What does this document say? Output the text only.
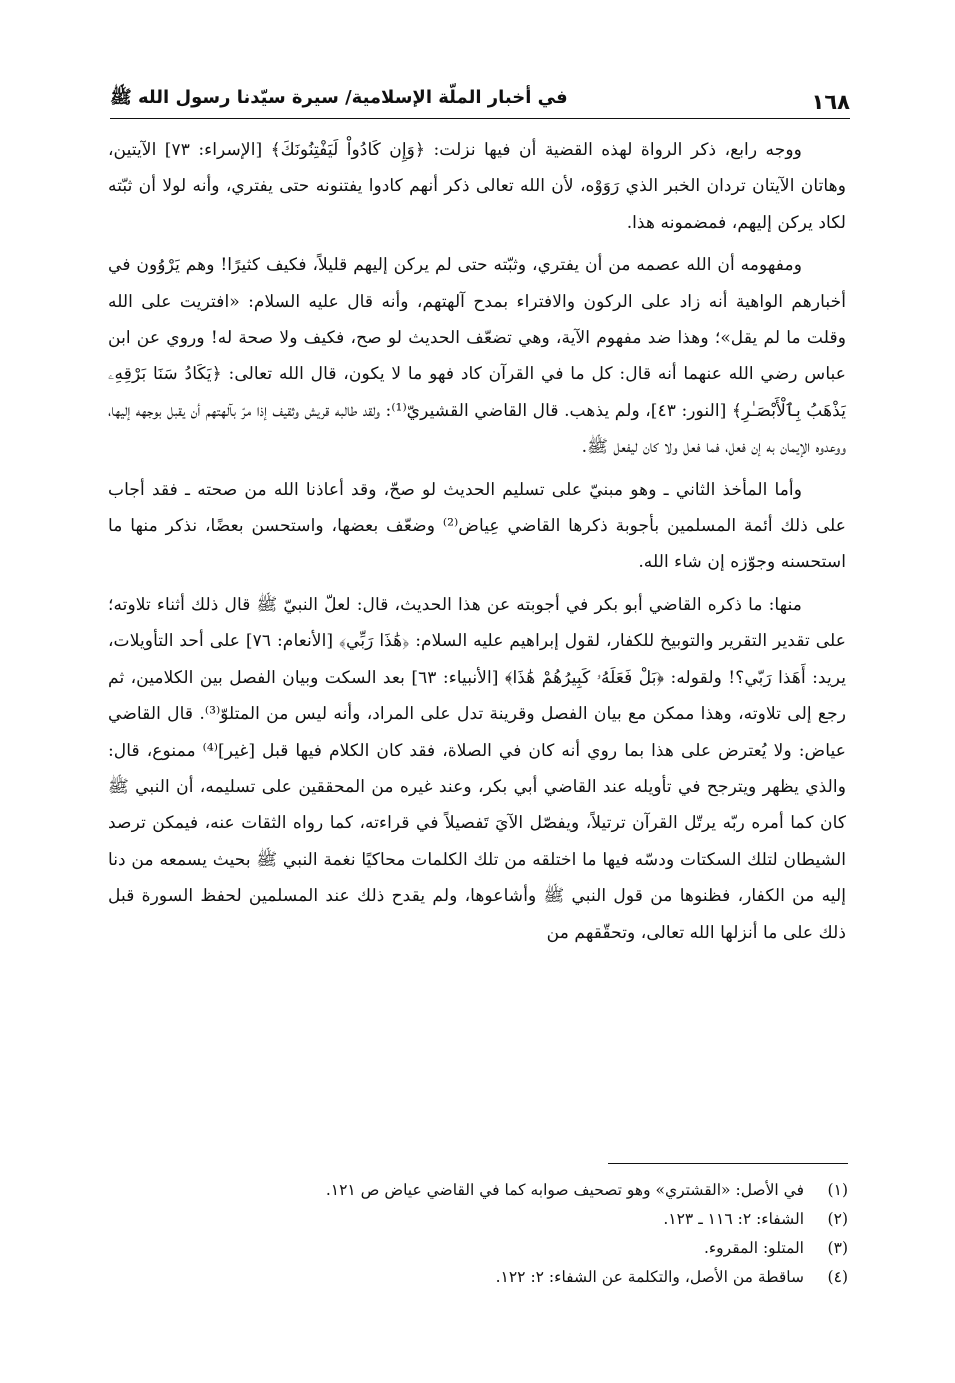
١٦٨
في أخبار الملّة الإسلامية/ سيرة سيّدنا رسول الله ﷺ

ووجه رابع، ذكر الرواة لهذه القضية أن فيها نزلت: ﴿وَإِن كَادُواْ لَيَفْتِنُونَكَ﴾ [الإسراء: ٧٣] الآيتين، وهاتان الآيتان تردان الخبر الذي رَوَوْه، لأن الله تعالى ذكر أنهم كادوا يفتنونه حتى يفتري، وأنه لولا أن ثبّته لكاد يركن إليهم، فمضمونه هذا.

ومفهومه أن الله عصمه من أن يفتري، وثبّته حتى لم يركن إليهم قليلاً، فكيف كثيرًا! وهم يَرْوُون في أخبارهم الواهية أنه زاد على الركون والافتراء بمدح آلهتهم، وأنه قال عليه السلام: «افتريت على الله وقلت ما لم يقل»؛ وهذا ضد مفهوم الآية، وهي تضعّف الحديث لو صح، فكيف ولا صحة له! وروي عن ابن عباس رضي الله عنهما أنه قال: كل ما في القرآن كاد فهو ما لا يكون، قال الله تعالى: ﴿يَكَادُ سَنَا بَرْقِهِۦ يَذْهَبُ بِٱلْأَبْصَـٰرِ﴾ [النور: ٤٣]، ولم يذهب. قال القاضي القشيريّ⁽¹⁾: ولقد طالبه قريش وثقيف إذا مرّ بآلهتهم أن يقبل بوجهه إليها، ووعدوه الإيمان به إن فعل، فما فعل ولا كان ليفعل ﷺ.

وأما المأخذ الثاني ـ وهو مبنيّ على تسليم الحديث لو صحّ، وقد أعاذنا الله من صحته ـ فقد أجاب على ذلك أئمة المسلمين بأجوبة ذكرها القاضي عِياض⁽²⁾ وضعّف بعضها، واستحسن بعضًا، نذكر منها ما استحسنه وجوّزه إن شاء الله.

منها: ما ذكره القاضي أبو بكر في أجوبته عن هذا الحديث، قال: لعلّ النبيّ ﷺ قال ذلك أثناء تلاوته؛ على تقدير التقرير والتوبيخ للكفار، لقول إبراهيم عليه السلام: ﴿هَٰذَا رَبِّي﴾ [الأنعام: ٧٦] على أحد التأويلات، يريد: أَهَذا رَبّي؟! ولقوله: ﴿بَلْ فَعَلَهُۥ كَبِيرُهُمْ هَٰذَا﴾ [الأنبياء: ٦٣] بعد السكت وبيان الفصل بين الكلامين، ثم رجع إلى تلاوته، وهذا ممكن مع بيان الفصل وقرينة تدل على المراد، وأنه ليس من المتلوّ⁽³⁾. قال القاضي عياض: ولا يُعترض على هذا بما روي أنه كان في الصلاة، فقد كان الكلام فيها قبل [غير]⁽⁴⁾ ممنوع، قال: والذي يظهر ويترجح في تأويله عند القاضي أبي بكر، وعند غيره من المحققين على تسليمه، أن النبي ﷺ كان كما أمره ربّه يرتّل القرآن ترتيلاً، ويفصّل الآيَ تَفصيلاً في قراءته، كما رواه الثقات عنه، فيمكن ترصد الشيطان لتلك السكتات ودسّه فيها ما اختلقه من تلك الكلمات محاكيًا نغمة النبي ﷺ بحيث يسمعه من دنا إليه من الكفار، فظنوها من قول النبي ﷺ وأشاعوها، ولم يقدح ذلك عند المسلمين لحفظ السورة قبل ذلك على ما أنزلها الله تعالى، وتحقّقهم من

(١)
في الأصل: «القشتري» وهو تصحيف صوابه كما في القاضي عياض ص ١٢١.
(٢)
الشفاء: ٢: ١١٦ ـ ١٢٣.
(٣)
المتلو: المقروء.
(٤)
ساقطة من الأصل، والتكلمة عن الشفاء: ٢: ١٢٢.
